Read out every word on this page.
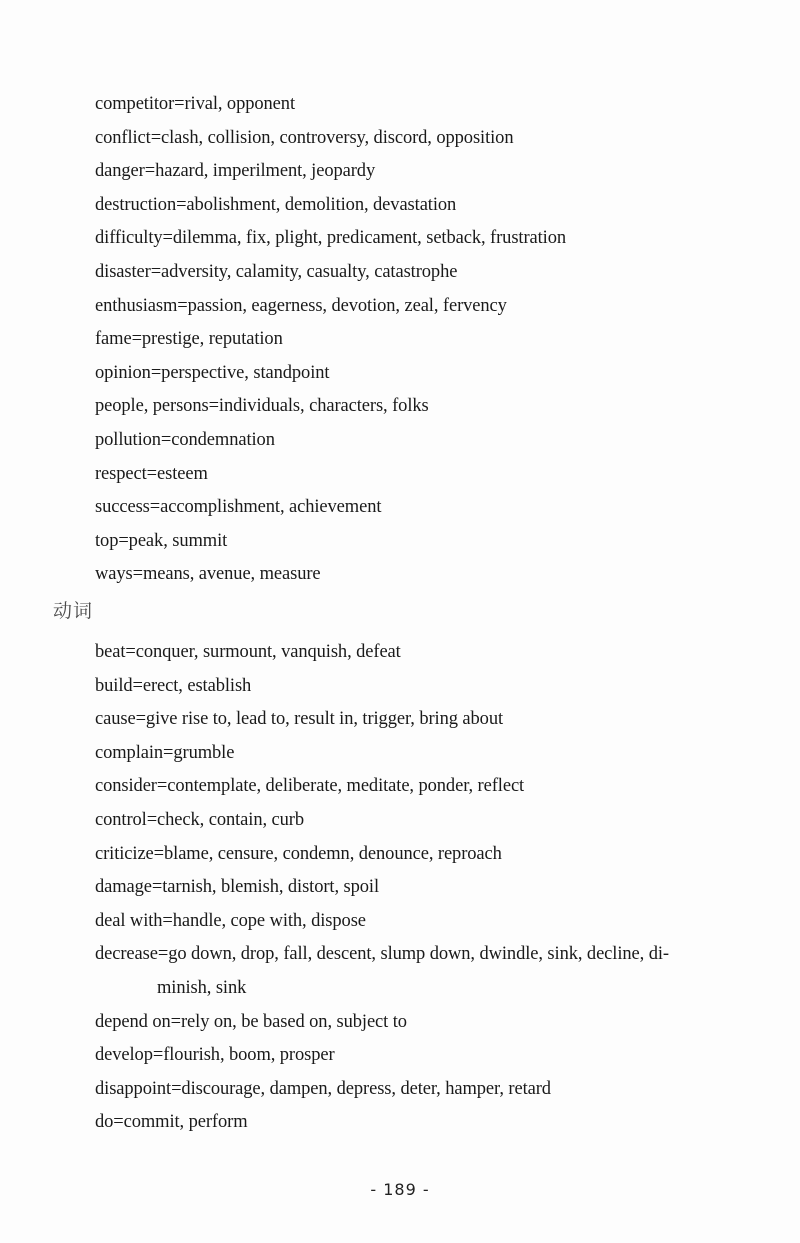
competitor=rival, opponent
conflict=clash, collision, controversy, discord, opposition
danger=hazard, imperilment, jeopardy
destruction=abolishment, demolition, devastation
difficulty=dilemma, fix, plight, predicament, setback, frustration
disaster=adversity, calamity, casualty, catastrophe
enthusiasm=passion, eagerness, devotion, zeal, fervency
fame=prestige, reputation
opinion=perspective, standpoint
people, persons=individuals, characters, folks
pollution=condemnation
respect=esteem
success=accomplishment, achievement
top=peak, summit
ways=means, avenue, measure
动词
beat=conquer, surmount, vanquish, defeat
build=erect, establish
cause=give rise to, lead to, result in, trigger, bring about
complain=grumble
consider=contemplate, deliberate, meditate, ponder, reflect
control=check, contain, curb
criticize=blame, censure, condemn, denounce, reproach
damage=tarnish, blemish, distort, spoil
deal with=handle, cope with, dispose
decrease=go down, drop, fall, descent, slump down, dwindle, sink, decline, di-
minish, sink
depend on=rely on, be based on, subject to
develop=flourish, boom, prosper
disappoint=discourage, dampen, depress, deter, hamper, retard
do=commit, perform
- 189 -
